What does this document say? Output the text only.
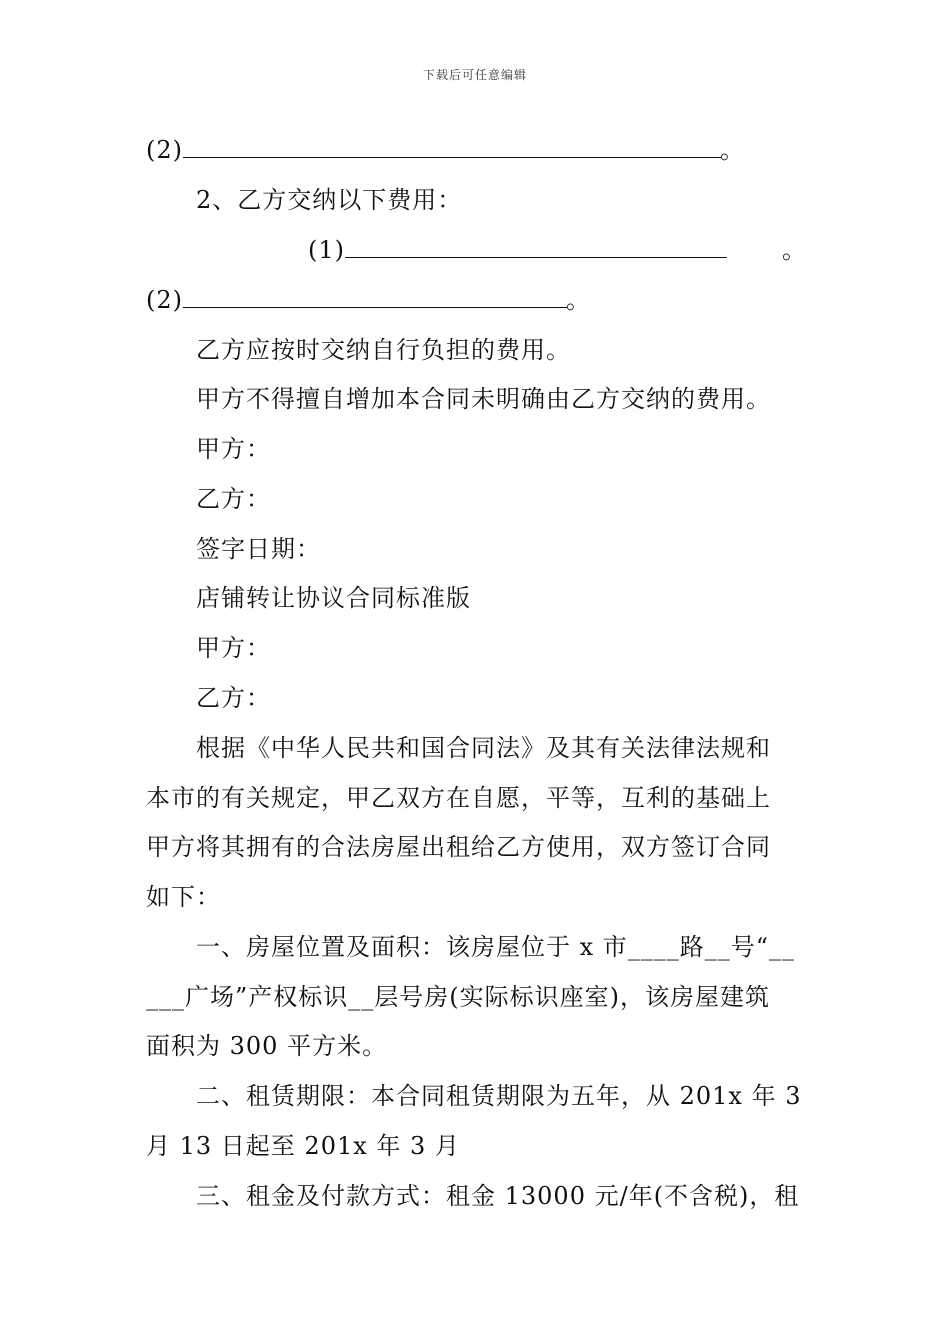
下载后可任意编辑
(2)	。
2、乙方交纳以下费用：
(1)	。
(2)	。
乙方应按时交纳自行负担的费用。
甲方不得擅自增加本合同未明确由乙方交纳的费用。
甲方：
乙方：
签字日期：
店铺转让协议合同标准版
甲方：
乙方：
根据《中华人民共和国合同法》及其有关法律法规和
本市的有关规定，甲乙双方在自愿，平等，互利的基础上
甲方将其拥有的合法房屋出租给乙方使用，双方签订合同
如下：
一、房屋位置及面积：该房屋位于 x 市____路__号“__
___广场”产权标识__层号房(实际标识座室)，该房屋建筑
面积为 300 平方米。
二、租赁期限：本合同租赁期限为五年，从 201x 年 3
月 13 日起至 201x 年 3 月
三、租金及付款方式：租金 13000 元/年(不含税)，租
